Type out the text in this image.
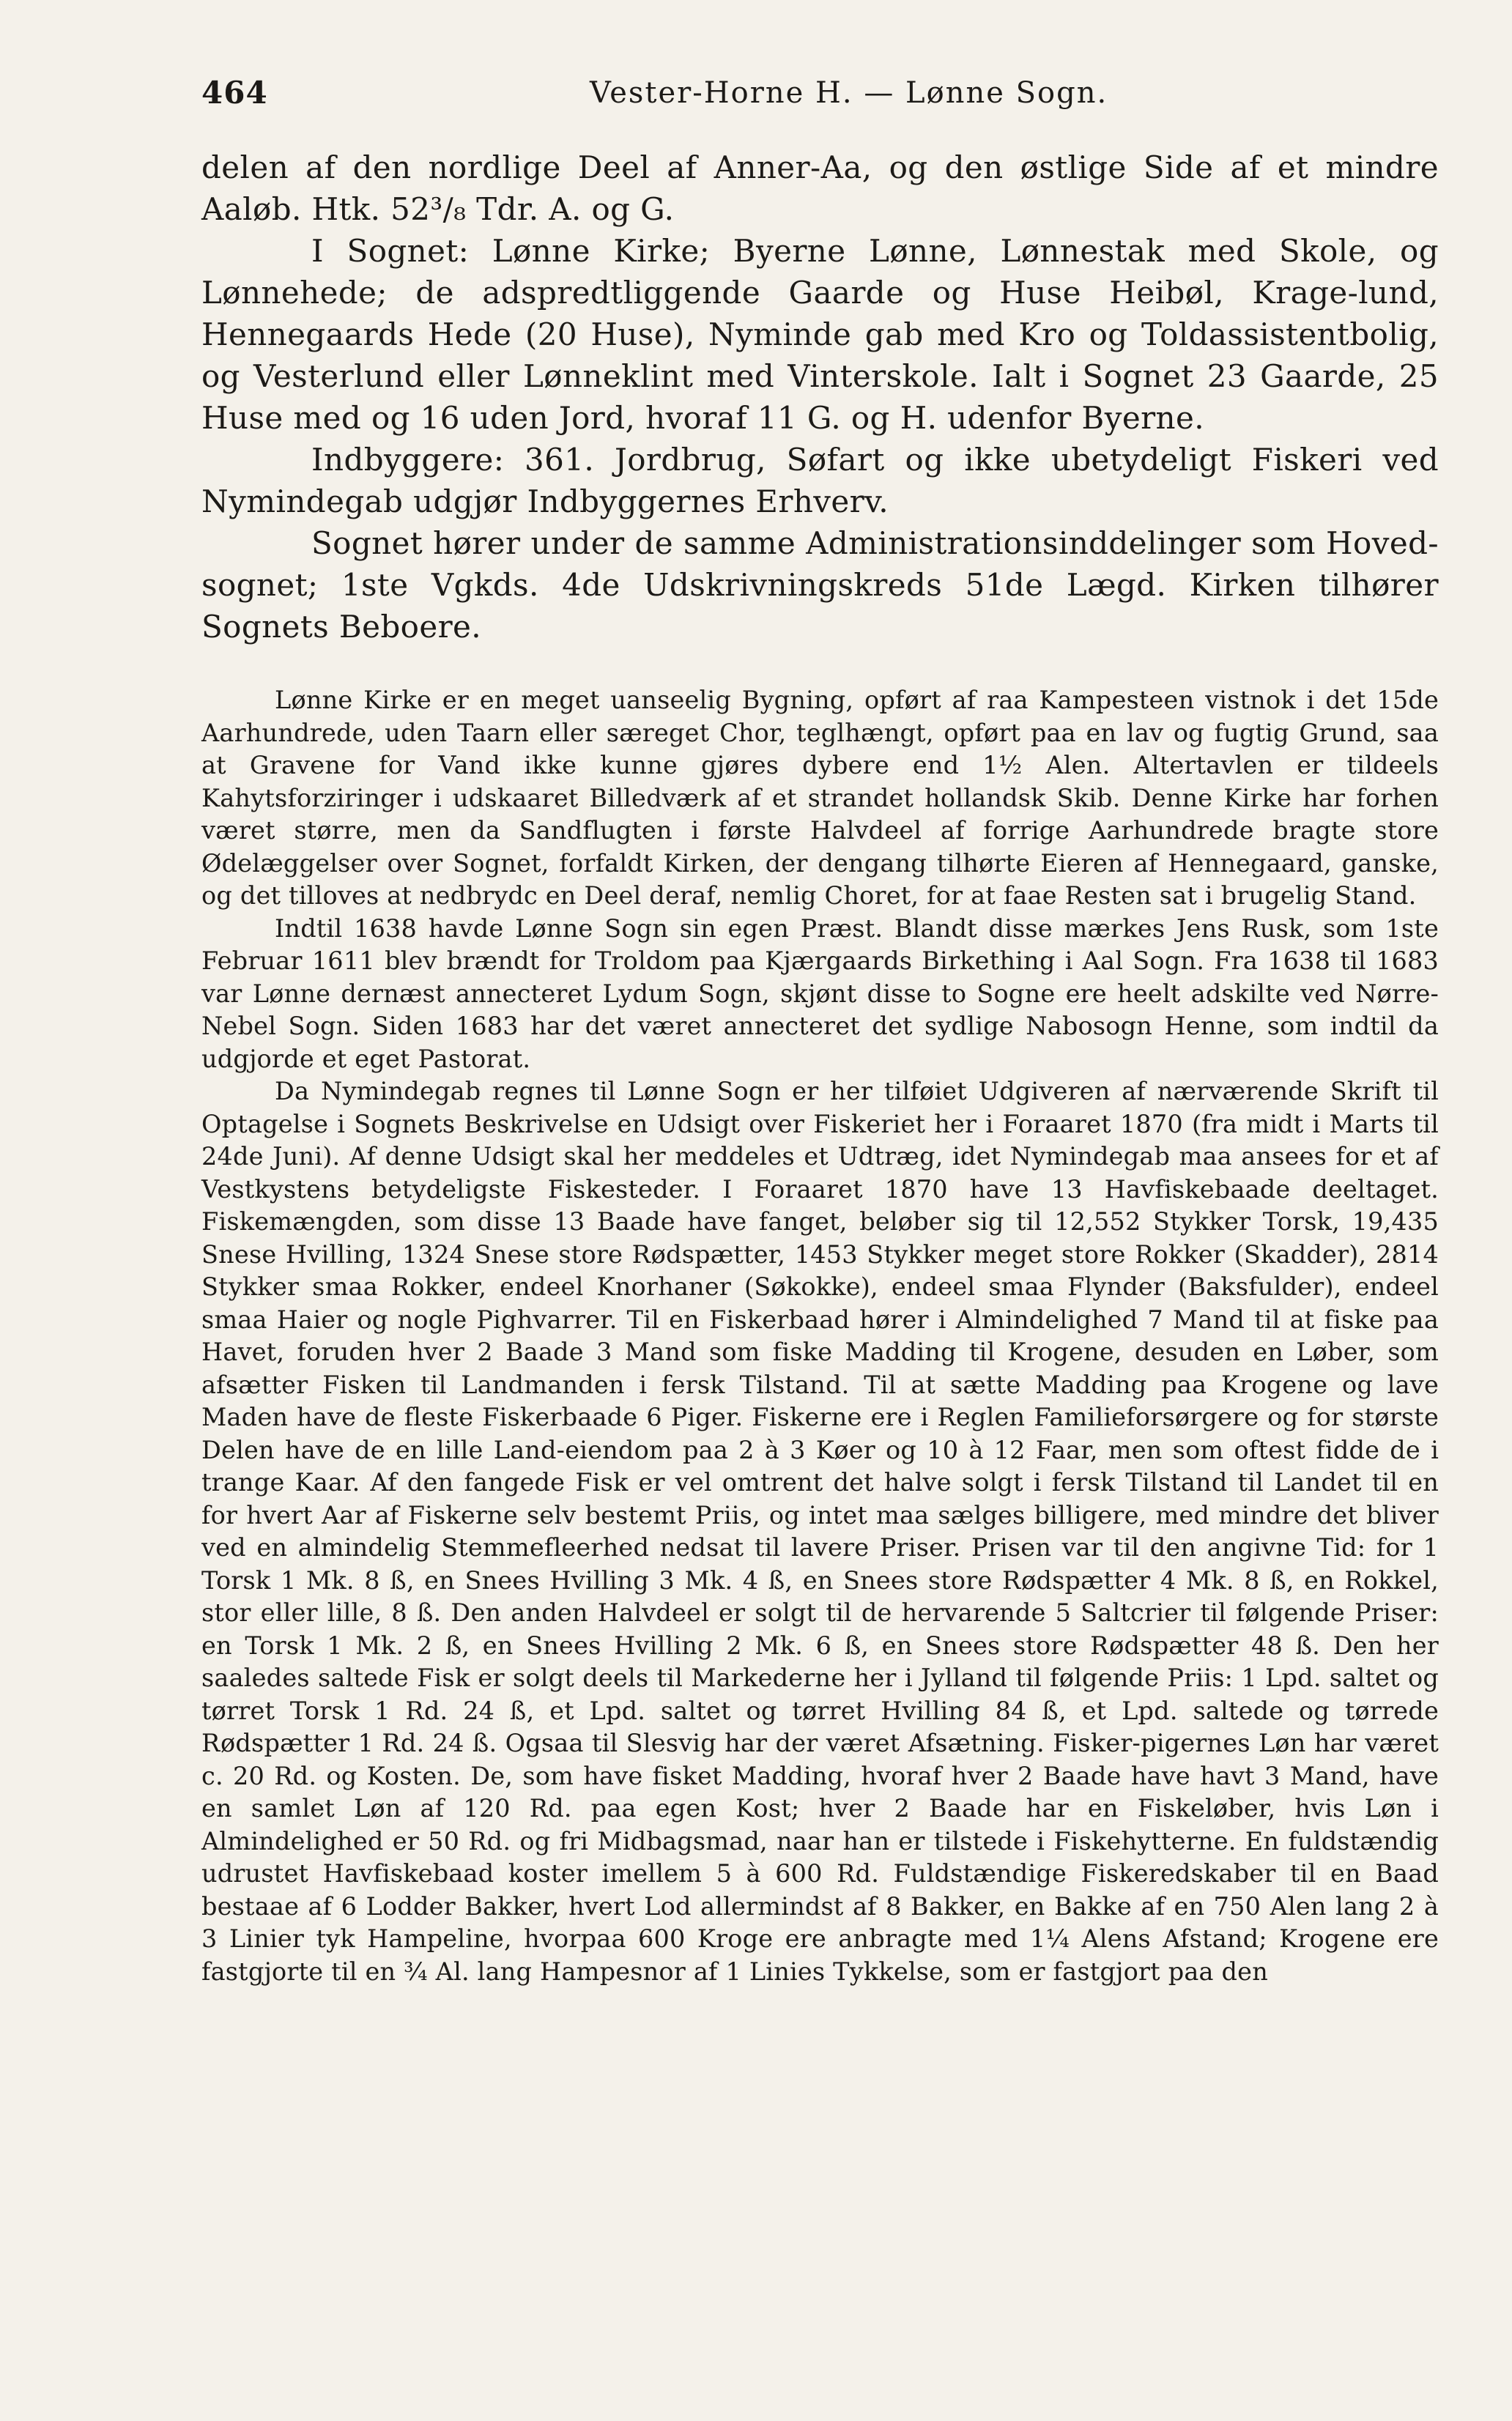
464	Vester-Horne H. — Lønne Sogn.

delen af den nordlige Deel af Anner-Aa, og den østlige Side af et mindre Aaløb. Htk. 52³/₈ Tdr. A. og G.

I Sognet: Lønne Kirke; Byerne Lønne, Lønnestak med Skole, og Lønnehede; de adspredtliggende Gaarde og Huse Heibøl, Krage-lund, Hennegaards Hede (20 Huse), Nyminde gab med Kro og Toldassistentbolig, og Vesterlund eller Lønneklint med Vinterskole. Ialt i Sognet 23 Gaarde, 25 Huse med og 16 uden Jord, hvoraf 11 G. og H. udenfor Byerne.

Indbyggere: 361. Jordbrug, Søfart og ikke ubetydeligt Fiskeri ved Nymindegab udgjør Indbyggernes Erhverv.

Sognet hører under de samme Administrationsinddelinger som Hoved-sognet; 1ste Vgkds. 4de Udskrivningskreds 51de Lægd. Kirken tilhører Sognets Beboere.

Lønne Kirke er en meget uanseelig Bygning, opført af raa Kampesteen vistnok i det 15de Aarhundrede, uden Taarn eller særeget Chor, teglhængt, opført paa en lav og fugtig Grund, saa at Gravene for Vand ikke kunne gjøres dybere end 1½ Alen. Altertavlen er tildeels Kahytsforziringer i udskaaret Billedværk af et strandet hollandsk Skib. Denne Kirke har forhen været større, men da Sandflugten i første Halvdeel af forrige Aarhundrede bragte store Ødelæggelser over Sognet, forfaldt Kirken, der dengang tilhørte Eieren af Hennegaard, ganske, og det tilloves at nedbrydc en Deel deraf, nemlig Choret, for at faae Resten sat i brugelig Stand.

Indtil 1638 havde Lønne Sogn sin egen Præst. Blandt disse mærkes Jens Rusk, som 1ste Februar 1611 blev brændt for Troldom paa Kjærgaards Birkething i Aal Sogn. Fra 1638 til 1683 var Lønne dernæst annecteret Lydum Sogn, skjønt disse to Sogne ere heelt adskilte ved Nørre-Nebel Sogn. Siden 1683 har det været annecteret det sydlige Nabosogn Henne, som indtil da udgjorde et eget Pastorat.

Da Nymindegab regnes til Lønne Sogn er her tilføiet Udgiveren af nærværende Skrift til Optagelse i Sognets Beskrivelse en Udsigt over Fiskeriet her i Foraaret 1870 (fra midt i Marts til 24de Juni). Af denne Udsigt skal her meddeles et Udtræg, idet Nymindegab maa ansees for et af Vestkystens betydeligste Fiskesteder. I Foraaret 1870 have 13 Havfiskebaade deeltaget. Fiskemængden, som disse 13 Baade have fanget, beløber sig til 12,552 Stykker Torsk, 19,435 Snese Hvilling, 1324 Snese store Rødspætter, 1453 Stykker meget store Rokker (Skadder), 2814 Stykker smaa Rokker, endeel Knorhaner (Søkokke), endeel smaa Flynder (Baksfulder), endeel smaa Haier og nogle Pighvarrer. Til en Fiskerbaad hører i Almindelighed 7 Mand til at fiske paa Havet, foruden hver 2 Baade 3 Mand som fiske Madding til Krogene, desuden en Løber, som afsætter Fisken til Landmanden i fersk Tilstand. Til at sætte Madding paa Krogene og lave Maden have de fleste Fiskerbaade 6 Piger. Fiskerne ere i Reglen Familieforsørgere og for største Delen have de en lille Land-eiendom paa 2 à 3 Køer og 10 à 12 Faar, men som oftest fidde de i trange Kaar. Af den fangede Fisk er vel omtrent det halve solgt i fersk Tilstand til Landet til en for hvert Aar af Fiskerne selv bestemt Priis, og intet maa sælges billigere, med mindre det bliver ved en almindelig Stemmefleerhed nedsat til lavere Priser. Prisen var til den angivne Tid: for 1 Torsk 1 Mk. 8 ß, en Snees Hvilling 3 Mk. 4 ß, en Snees store Rødspætter 4 Mk. 8 ß, en Rokkel, stor eller lille, 8 ß. Den anden Halvdeel er solgt til de hervarende 5 Saltcrier til følgende Priser: en Torsk 1 Mk. 2 ß, en Snees Hvilling 2 Mk. 6 ß, en Snees store Rødspætter 48 ß. Den her saaledes saltede Fisk er solgt deels til Markederne her i Jylland til følgende Priis: 1 Lpd. saltet og tørret Torsk 1 Rd. 24 ß, et Lpd. saltet og tørret Hvilling 84 ß, et Lpd. saltede og tørrede Rødspætter 1 Rd. 24 ß. Ogsaa til Slesvig har der været Afsætning. Fisker-pigernes Løn har været c. 20 Rd. og Kosten. De, som have fisket Madding, hvoraf hver 2 Baade have havt 3 Mand, have en samlet Løn af 120 Rd. paa egen Kost; hver 2 Baade har en Fiskeløber, hvis Løn i Almindelighed er 50 Rd. og fri Midbagsmad, naar han er tilstede i Fiskehytterne. En fuldstændig udrustet Havfiskebaad koster imellem 5 à 600 Rd. Fuldstændige Fiskeredskaber til en Baad bestaae af 6 Lodder Bakker, hvert Lod allermindst af 8 Bakker, en Bakke af en 750 Alen lang 2 à 3 Linier tyk Hampeline, hvorpaa 600 Kroge ere anbragte med 1¼ Alens Afstand; Krogene ere fastgjorte til en ¾ Al. lang Hampesnor af 1 Linies Tykkelse, som er fastgjort paa den
